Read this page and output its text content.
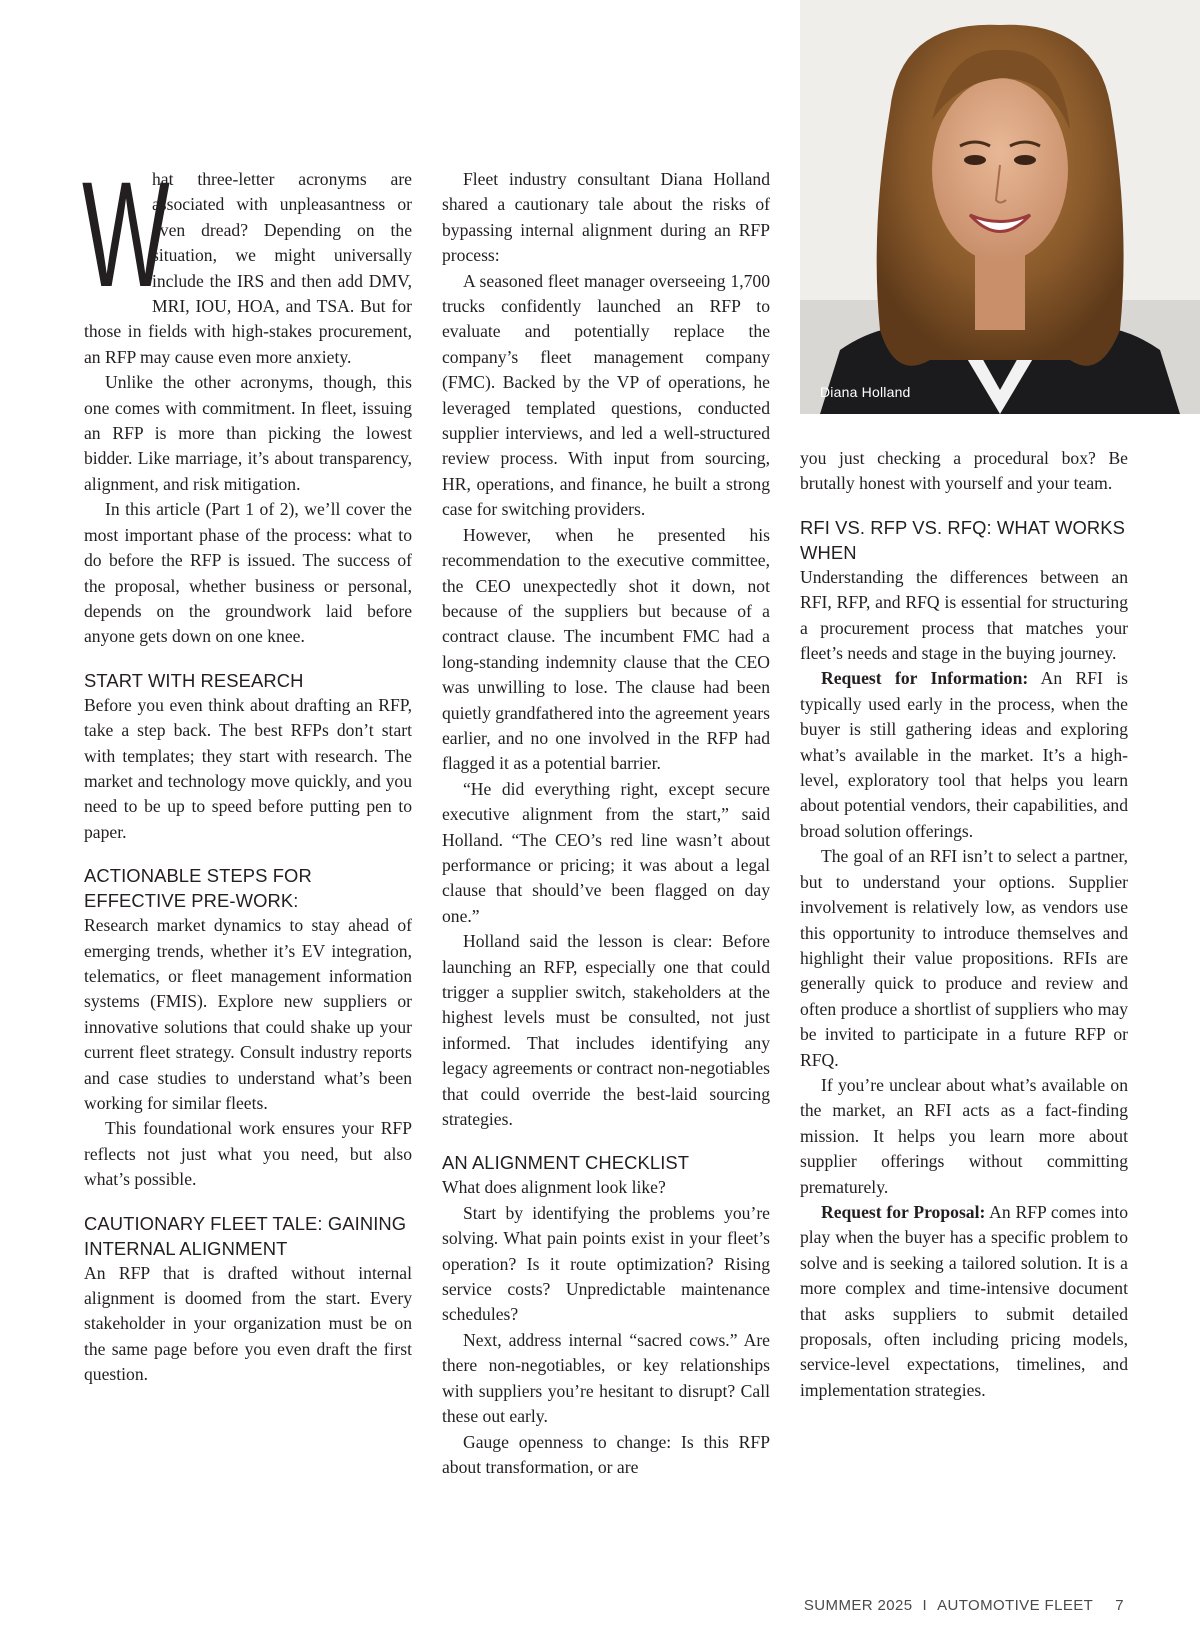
W
hat three-letter acronyms are associated with unpleasantness or even dread? Depending on the situation, we might universally include the IRS and then add DMV, MRI, IOU, HOA, and TSA. But for those in fields with high-stakes procurement, an RFP may cause even more anxiety.

Unlike the other acronyms, though, this one comes with commitment. In fleet, issuing an RFP is more than picking the lowest bidder. Like marriage, it’s about transparency, alignment, and risk mitigation.

In this article (Part 1 of 2), we’ll cover the most important phase of the process: what to do before the RFP is issued. The success of the proposal, whether business or personal, depends on the groundwork laid before anyone gets down on one knee.

START WITH RESEARCH

Before you even think about drafting an RFP, take a step back. The best RFPs don’t start with templates; they start with research. The market and technology move quickly, and you need to be up to speed before putting pen to paper.

ACTIONABLE STEPS FOR EFFECTIVE PRE-WORK:

Research market dynamics to stay ahead of emerging trends, whether it’s EV integration, telematics, or fleet management information systems (FMIS). Explore new suppliers or innovative solutions that could shake up your current fleet strategy. Consult industry reports and case studies to understand what’s been working for similar fleets.

This foundational work ensures your RFP reflects not just what you need, but also what’s possible.

CAUTIONARY FLEET TALE: GAINING INTERNAL ALIGNMENT

An RFP that is drafted without internal alignment is doomed from the start. Every stakeholder in your organization must be on the same page before you even draft the first question.

Fleet industry consultant Diana Holland shared a cautionary tale about the risks of bypassing internal alignment during an RFP process:

A seasoned fleet manager overseeing 1,700 trucks confidently launched an RFP to evaluate and potentially replace the company’s fleet management company (FMC). Backed by the VP of operations, he leveraged templated questions, conducted supplier interviews, and led a well-structured review process. With input from sourcing, HR, operations, and finance, he built a strong case for switching providers.

However, when he presented his recommendation to the executive committee, the CEO unexpectedly shot it down, not because of the suppliers but because of a contract clause. The incumbent FMC had a long-standing indemnity clause that the CEO was unwilling to lose. The clause had been quietly grandfathered into the agreement years earlier, and no one involved in the RFP had flagged it as a potential barrier.

“He did everything right, except secure executive alignment from the start,” said Holland. “The CEO’s red line wasn’t about performance or pricing; it was about a legal clause that should’ve been flagged on day one.”

Holland said the lesson is clear: Before launching an RFP, especially one that could trigger a supplier switch, stakeholders at the highest levels must be consulted, not just informed. That includes identifying any legacy agreements or contract non-negotiables that could override the best-laid sourcing strategies.

AN ALIGNMENT CHECKLIST

What does alignment look like?

Start by identifying the problems you’re solving. What pain points exist in your fleet’s operation? Is it route optimization? Rising service costs? Unpredictable maintenance schedules?

Next, address internal “sacred cows.” Are there non-negotiables, or key relationships with suppliers you’re hesitant to disrupt? Call these out early.

Gauge openness to change: Is this RFP about transformation, or are

Diana Holland

you just checking a procedural box? Be brutally honest with yourself and your team.

RFI VS. RFP VS. RFQ: WHAT WORKS WHEN

Understanding the differences between an RFI, RFP, and RFQ is essential for structuring a procurement process that matches your fleet’s needs and stage in the buying journey.

Request for Information: An RFI is typically used early in the process, when the buyer is still gathering ideas and exploring what’s available in the market. It’s a high-level, exploratory tool that helps you learn about potential vendors, their capabilities, and broad solution offerings.

The goal of an RFI isn’t to select a partner, but to understand your options. Supplier involvement is relatively low, as vendors use this opportunity to introduce themselves and highlight their value propositions. RFIs are generally quick to produce and review and often produce a shortlist of suppliers who may be invited to participate in a future RFP or RFQ.

If you’re unclear about what’s available on the market, an RFI acts as a fact-finding mission. It helps you learn more about supplier offerings without committing prematurely.

Request for Proposal: An RFP comes into play when the buyer has a specific problem to solve and is seeking a tailored solution. It is a more complex and time-intensive document that asks suppliers to submit detailed proposals, often including pricing models, service-level expectations, timelines, and implementation strategies.

SUMMER 2025 I AUTOMOTIVE FLEET 7
